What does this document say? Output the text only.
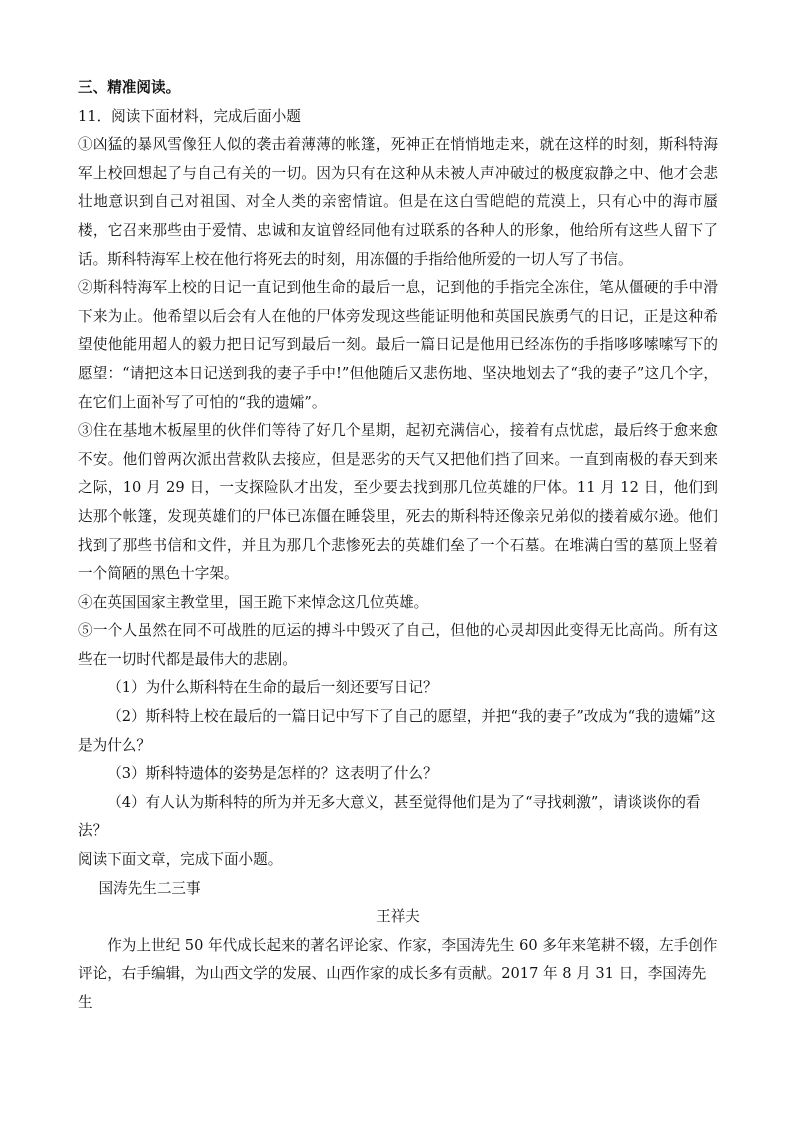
三、精准阅读。
11．阅读下面材料，完成后面小题

①凶猛的暴风雪像狂人似的袭击着薄薄的帐篷，死神正在悄悄地走来，就在这样的时刻，斯科特海军上校回想起了与自己有关的一切。因为只有在这种从未被人声冲破过的极度寂静之中、他才会悲壮地意识到自己对祖国、对全人类的亲密情谊。但是在这白雪皑皑的荒漠上，只有心中的海市蜃楼，它召来那些由于爱情、忠诚和友谊曾经同他有过联系的各种人的形象，他给所有这些人留下了话。斯科特海军上校在他行将死去的时刻，用冻僵的手指给他所爱的一切人写了书信。

②斯科特海军上校的日记一直记到他生命的最后一息，记到他的手指完全冻住，笔从僵硬的手中滑下来为止。他希望以后会有人在他的尸体旁发现这些能证明他和英国民族勇气的日记，正是这种希望使他能用超人的毅力把日记写到最后一刻。最后一篇日记是他用已经冻伤的手指哆哆嗦嗦写下的愿望：“请把这本日记送到我的妻子手中!”但他随后又悲伤地、坚决地划去了“我的妻子”这几个字，在它们上面补写了可怕的“我的遗孀”。

③住在基地木板屋里的伙伴们等待了好几个星期，起初充满信心，接着有点忧虑，最后终于愈来愈不安。他们曾两次派出营救队去接应，但是恶劣的天气又把他们挡了回来。一直到南极的春天到来之际，10 月 29 日，一支探险队才出发，至少要去找到那几位英雄的尸体。11 月 12 日，他们到达那个帐篷，发现英雄们的尸体已冻僵在睡袋里，死去的斯科特还像亲兄弟似的搂着威尔逊。他们找到了那些书信和文件，并且为那几个悲惨死去的英雄们垒了一个石墓。在堆满白雪的墓顶上竖着一个简陋的黑色十字架。

④在英国国家主教堂里，国王跪下来悼念这几位英雄。

⑤一个人虽然在同不可战胜的厄运的搏斗中毁灭了自己，但他的心灵却因此变得无比高尚。所有这些在一切时代都是最伟大的悲剧。

（1）为什么斯科特在生命的最后一刻还要写日记？

（2）斯科特上校在最后的一篇日记中写下了自己的愿望，并把“我的妻子”改成为“我的遗孀”这是为什么？

（3）斯科特遗体的姿势是怎样的？这表明了什么？

（4）有人认为斯科特的所为并无多大意义，甚至觉得他们是为了“寻找刺激”，请谈谈你的看法？

阅读下面文章，完成下面小题。

国涛先生二三事

王祥夫

作为上世纪 50 年代成长起来的著名评论家、作家，李国涛先生 60 多年来笔耕不辍，左手创作评论，右手编辑，为山西文学的发展、山西作家的成长多有贡献。2017 年 8 月 31 日，李国涛先生
